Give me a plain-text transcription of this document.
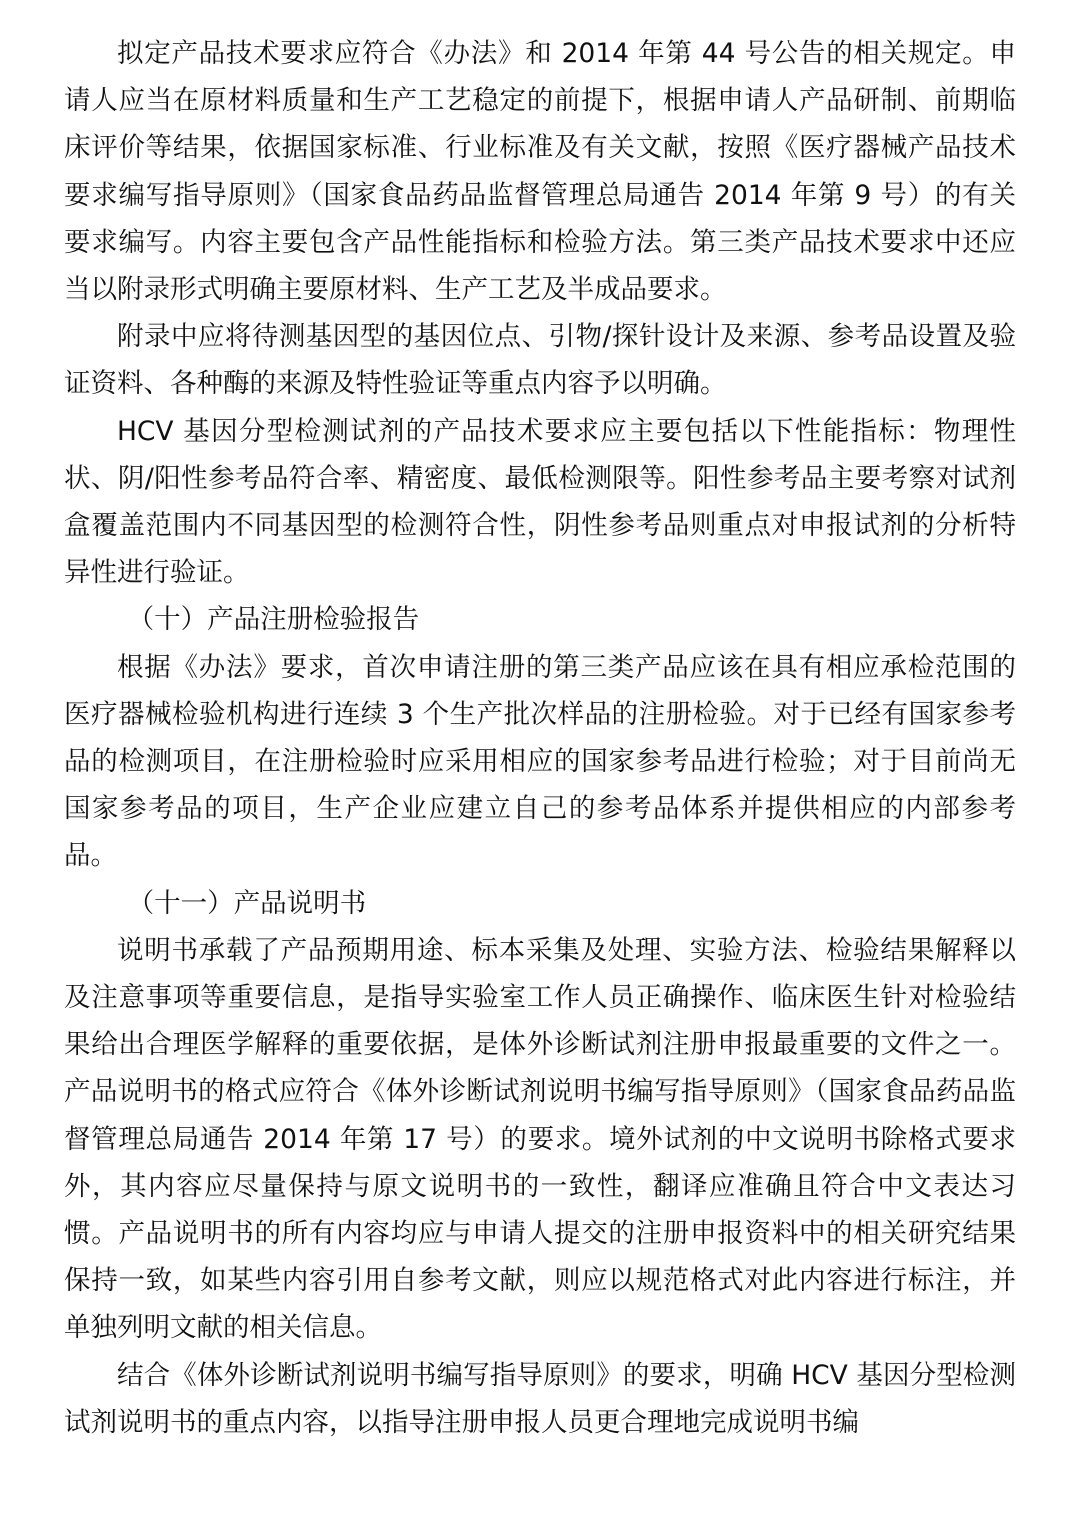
拟定产品技术要求应符合《办法》和 2014 年第 44 号公告的相关规定。申请人应当在原材料质量和生产工艺稳定的前提下，根据申请人产品研制、前期临床评价等结果，依据国家标准、行业标准及有关文献，按照《医疗器械产品技术要求编写指导原则》（国家食品药品监督管理总局通告 2014 年第 9 号）的有关要求编写。内容主要包含产品性能指标和检验方法。第三类产品技术要求中还应当以附录形式明确主要原材料、生产工艺及半成品要求。

附录中应将待测基因型的基因位点、引物/探针设计及来源、参考品设置及验证资料、各种酶的来源及特性验证等重点内容予以明确。

HCV 基因分型检测试剂的产品技术要求应主要包括以下性能指标：物理性状、阴/阳性参考品符合率、精密度、最低检测限等。阳性参考品主要考察对试剂盒覆盖范围内不同基因型的检测符合性，阴性参考品则重点对申报试剂的分析特异性进行验证。

（十）产品注册检验报告

根据《办法》要求，首次申请注册的第三类产品应该在具有相应承检范围的医疗器械检验机构进行连续 3 个生产批次样品的注册检验。对于已经有国家参考品的检测项目，在注册检验时应采用相应的国家参考品进行检验；对于目前尚无国家参考品的项目，生产企业应建立自己的参考品体系并提供相应的内部参考品。

（十一）产品说明书

说明书承载了产品预期用途、标本采集及处理、实验方法、检验结果解释以及注意事项等重要信息，是指导实验室工作人员正确操作、临床医生针对检验结果给出合理医学解释的重要依据，是体外诊断试剂注册申报最重要的文件之一。产品说明书的格式应符合《体外诊断试剂说明书编写指导原则》（国家食品药品监督管理总局通告 2014 年第 17 号）的要求。境外试剂的中文说明书除格式要求外，其内容应尽量保持与原文说明书的一致性，翻译应准确且符合中文表达习惯。产品说明书的所有内容均应与申请人提交的注册申报资料中的相关研究结果保持一致，如某些内容引用自参考文献，则应以规范格式对此内容进行标注，并单独列明文献的相关信息。

结合《体外诊断试剂说明书编写指导原则》的要求，明确 HCV 基因分型检测试剂说明书的重点内容，以指导注册申报人员更合理地完成说明书编
